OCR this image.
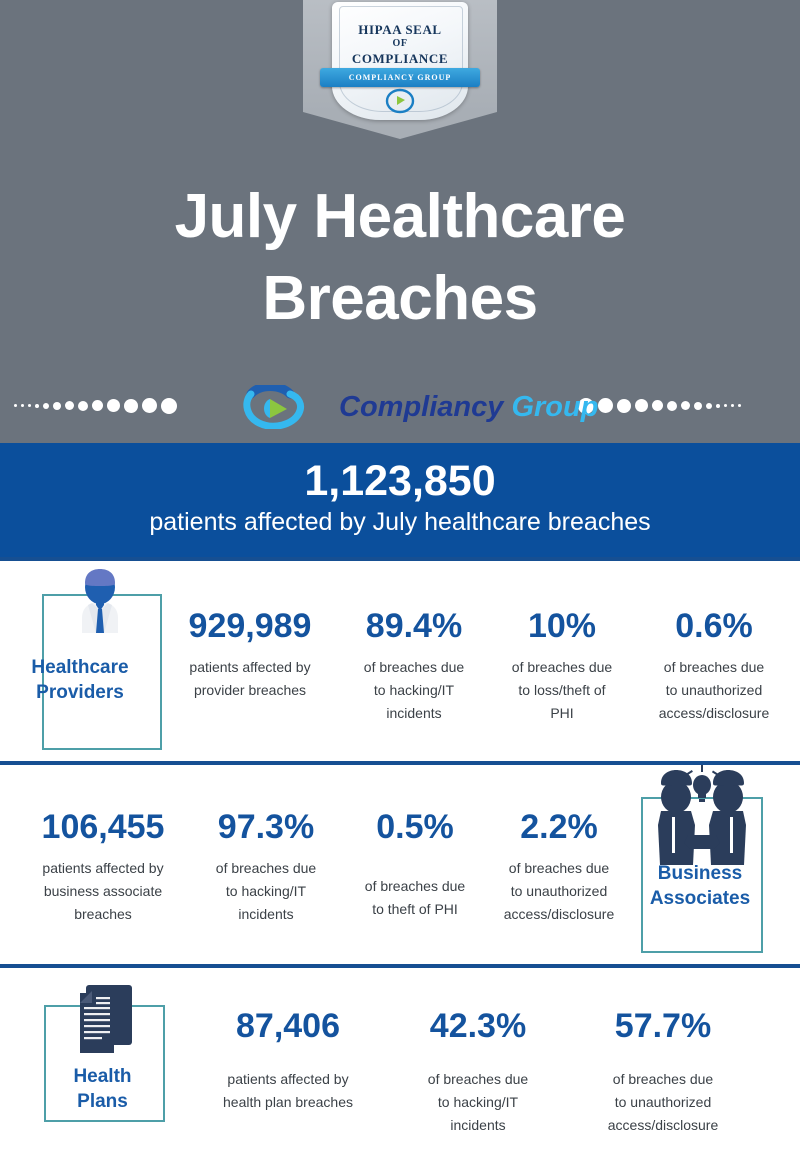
HIPAA SEAL
OF
COMPLIANCE
COMPLIANCY GROUP
July Healthcare
Breaches
Compliancy Group
1,123,850
patients affected by July healthcare breaches
Healthcare
Providers
929,989
patients affected by
provider breaches
89.4%
of breaches due
to hacking/IT
incidents
10%
of breaches due
to loss/theft of
PHI
0.6%
of breaches due
to unauthorized
access/disclosure
Business
Associates
106,455
patients affected by
business associate
breaches
97.3%
of breaches due
to hacking/IT
incidents
0.5%
of breaches due
to theft of PHI
2.2%
of breaches due
to unauthorized
access/disclosure
Health
Plans
87,406
patients affected by
health plan breaches
42.3%
of breaches due
to hacking/IT
incidents
57.7%
of breaches due
to unauthorized
access/disclosure
